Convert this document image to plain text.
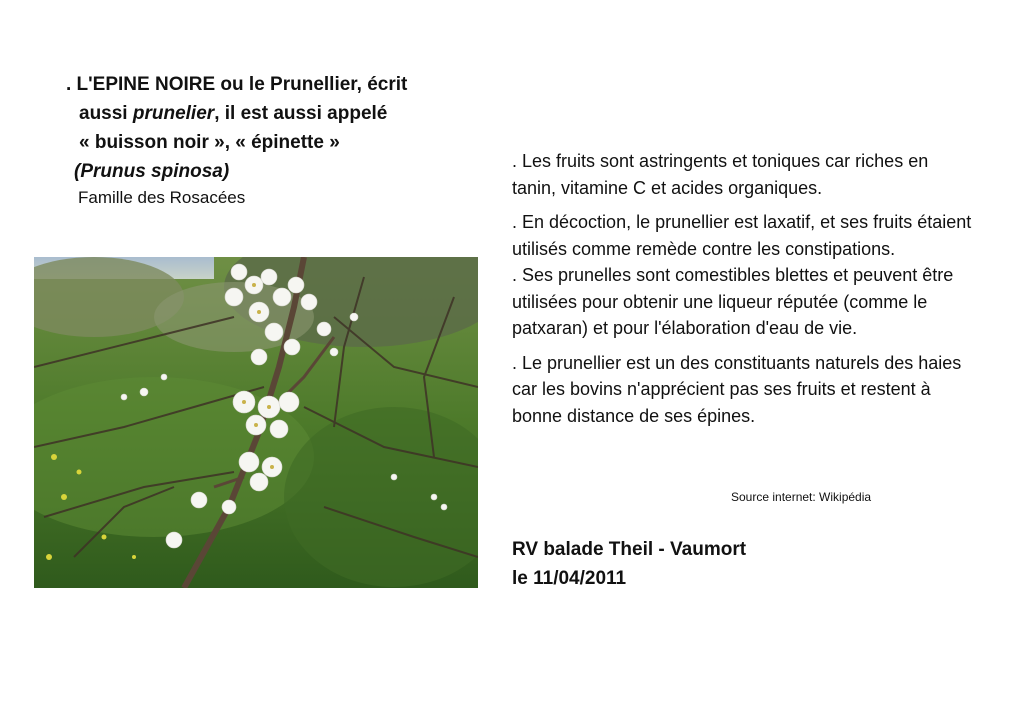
. L'EPINE NOIRE ou le Prunellier, écrit
aussi prunelier, il est aussi appelé
« buisson noir », « épinette »
(Prunus spinosa)
Famille des Rosacées

. Les fruits sont astringents et toniques car riches en tanin, vitamine C et acides organiques.

. En décoction, le prunellier est laxatif, et ses fruits étaient utilisés comme remède contre les constipations.

. Ses prunelles sont comestibles blettes et peuvent être utilisées pour obtenir une liqueur réputée (comme le patxaran) et pour l'élaboration d'eau de vie.

. Le prunellier est un des constituants naturels des haies car les bovins n'apprécient pas ses fruits et restent à bonne distance de ses épines.

Source internet: Wikipédia
RV balade Theil - Vaumort
le 11/04/2011
